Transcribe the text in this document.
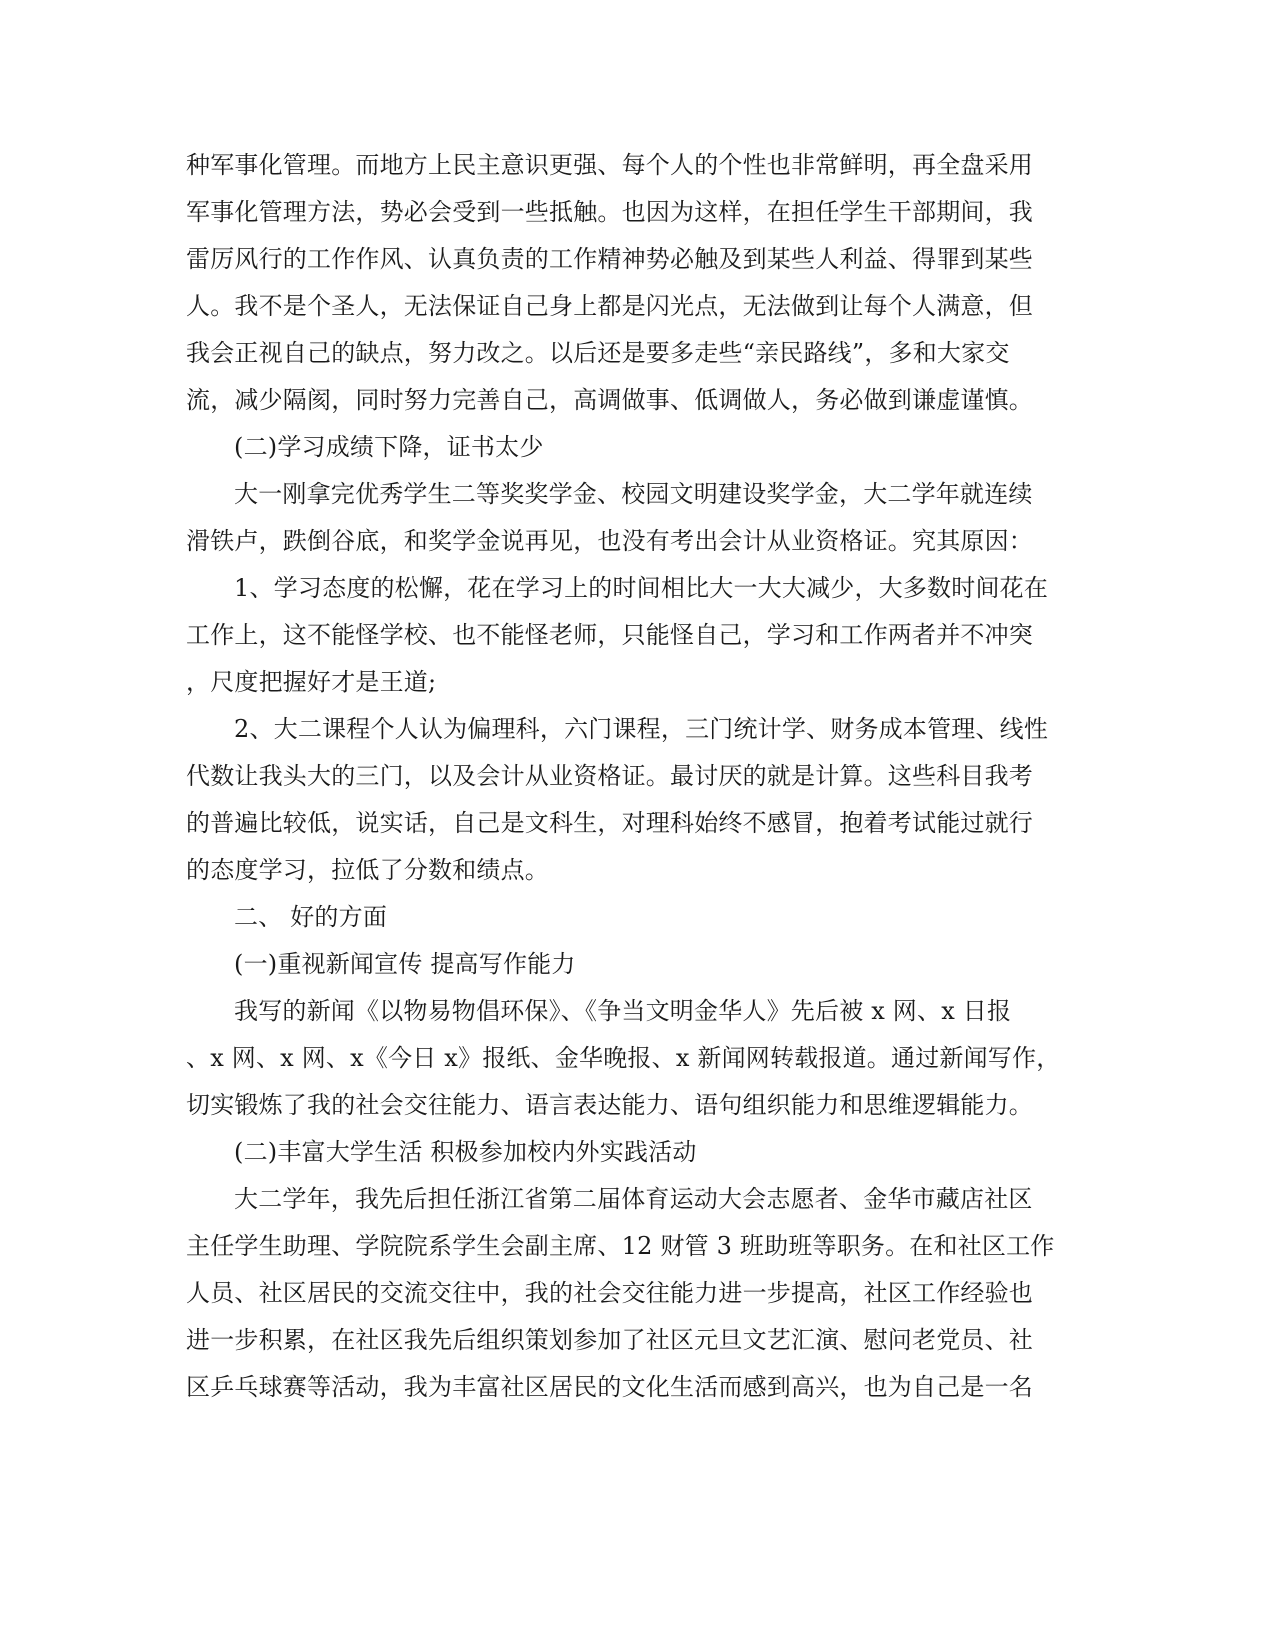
种军事化管理。而地方上民主意识更强、每个人的个性也非常鲜明，再全盘采用
军事化管理方法，势必会受到一些抵触。也因为这样，在担任学生干部期间，我
雷厉风行的工作作风、认真负责的工作精神势必触及到某些人利益、得罪到某些
人。我不是个圣人，无法保证自己身上都是闪光点，无法做到让每个人满意，但
我会正视自己的缺点，努力改之。以后还是要多走些“亲民路线”，多和大家交
流，减少隔阂，同时努力完善自己，高调做事、低调做人，务必做到谦虚谨慎。
(二)学习成绩下降，证书太少
大一刚拿完优秀学生二等奖奖学金、校园文明建设奖学金，大二学年就连续
滑铁卢，跌倒谷底，和奖学金说再见，也没有考出会计从业资格证。究其原因：
1、学习态度的松懈，花在学习上的时间相比大一大大减少，大多数时间花在
工作上，这不能怪学校、也不能怪老师，只能怪自己，学习和工作两者并不冲突
，尺度把握好才是王道;
2、大二课程个人认为偏理科，六门课程，三门统计学、财务成本管理、线性
代数让我头大的三门，以及会计从业资格证。最讨厌的就是计算。这些科目我考
的普遍比较低，说实话，自己是文科生，对理科始终不感冒，抱着考试能过就行
的态度学习，拉低了分数和绩点。
二、 好的方面
(一)重视新闻宣传 提高写作能力
我写的新闻《以物易物倡环保》、《争当文明金华人》先后被 x 网、x 日报
、x 网、x 网、x《今日 x》报纸、金华晚报、x 新闻网转载报道。通过新闻写作，
切实锻炼了我的社会交往能力、语言表达能力、语句组织能力和思维逻辑能力。
(二)丰富大学生活 积极参加校内外实践活动
大二学年，我先后担任浙江省第二届体育运动大会志愿者、金华市藏店社区
主任学生助理、学院院系学生会副主席、12 财管 3 班助班等职务。在和社区工作
人员、社区居民的交流交往中，我的社会交往能力进一步提高，社区工作经验也
进一步积累，在社区我先后组织策划参加了社区元旦文艺汇演、慰问老党员、社
区乒乓球赛等活动，我为丰富社区居民的文化生活而感到高兴，也为自己是一名
